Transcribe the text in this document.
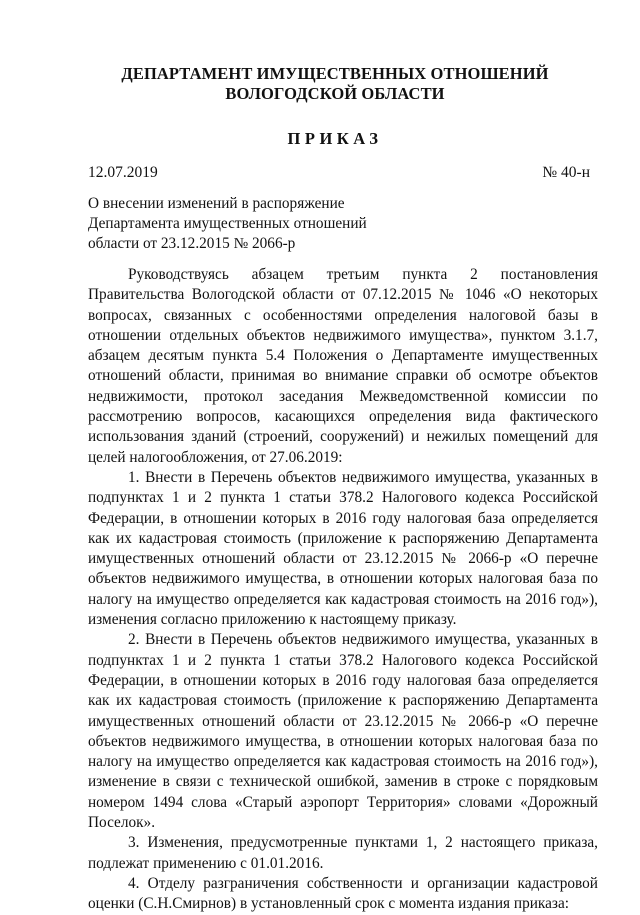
ДЕПАРТАМЕНТ ИМУЩЕСТВЕННЫХ ОТНОШЕНИЙ
ВОЛОГОДСКОЙ ОБЛАСТИ
ПРИКАЗ
12.07.2019	№ 40-н
О внесении изменений в распоряжение
Департамента имущественных отношений
области от 23.12.2015 № 2066-р

Руководствуясь абзацем третьим пункта 2 постановления Правительства Вологодской области от 07.12.2015 № 1046 «О некоторых вопросах, связанных с особенностями определения налоговой базы в отношении отдельных объектов недвижимого имущества», пунктом 3.1.7, абзацем десятым пункта 5.4 Положения о Департаменте имущественных отношений области, принимая во внимание справки об осмотре объектов недвижимости, протокол заседания Межведомственной комиссии по рассмотрению вопросов, касающихся определения вида фактического использования зданий (строений, сооружений) и нежилых помещений для целей налогообложения, от 27.06.2019:

1. Внести в Перечень объектов недвижимого имущества, указанных в подпунктах 1 и 2 пункта 1 статьи 378.2 Налогового кодекса Российской Федерации, в отношении которых в 2016 году налоговая база определяется как их кадастровая стоимость (приложение к распоряжению Департамента имущественных отношений области от 23.12.2015 № 2066-р «О перечне объектов недвижимого имущества, в отношении которых налоговая база по налогу на имущество определяется как кадастровая стоимость на 2016 год»), изменения согласно приложению к настоящему приказу.

2. Внести в Перечень объектов недвижимого имущества, указанных в подпунктах 1 и 2 пункта 1 статьи 378.2 Налогового кодекса Российской Федерации, в отношении которых в 2016 году налоговая база определяется как их кадастровая стоимость (приложение к распоряжению Департамента имущественных отношений области от 23.12.2015 № 2066-р «О перечне объектов недвижимого имущества, в отношении которых налоговая база по налогу на имущество определяется как кадастровая стоимость на 2016 год»), изменение в связи с технической ошибкой, заменив в строке с порядковым номером 1494 слова «Старый аэропорт Территория» словами «Дорожный Поселок».

3. Изменения, предусмотренные пунктами 1, 2 настоящего приказа, подлежат применению с 01.01.2016.

4. Отделу разграничения собственности и организации кадастровой оценки (С.Н.Смирнов) в установленный срок с момента издания приказа:
